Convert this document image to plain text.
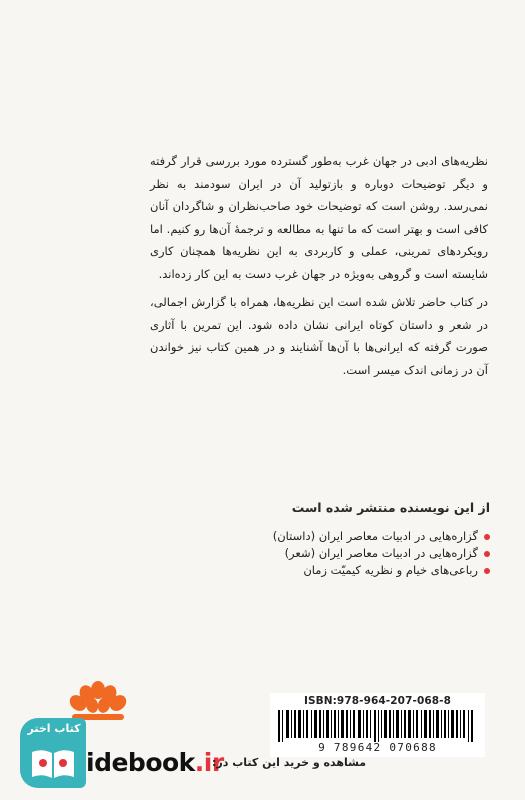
نظریه‌های ادبی در جهان غرب به‌طور گسترده مورد بررسی قرار گرفته و دیگر توضیحات دوباره و بازتولید آن در ایران سودمند به نظر نمی‌رسد. روشن است که توضیحات خود صاحب‌نظران و شاگردان آنان کافی است و بهتر است که ما تنها به مطالعه و ترجمهٔ آن‌ها رو کنیم. اما رویکردهای تمرینی، عملی و کاربردی به این نظریه‌ها همچنان کاری شایسته است و گروهی به‌ویژه در جهان غرب دست به این کار زده‌اند.

در کتاب حاضر تلاش شده است این نظریه‌ها، همراه با گزارش اجمالی، در شعر و داستان کوتاه ایرانی نشان داده شود. این تمرین با آثاری صورت گرفته که ایرانی‌ها با آن‌ها آشنایند و در همین کتاب نیز خواندن آن در زمانی اندک میسر است.

از این نویسنده منتشر شده است
گزاره‌هایی در ادبیات معاصر ایران (داستان)
گزاره‌هایی در ادبیات معاصر ایران (شعر)
رباعی‌های خیام و نظریه کیمیّت زمان
ISBN:978-964-207-068-8
9 789642 070688
کتاب اختر
idebook.ir
مشاهده و خرید این کتاب در:
